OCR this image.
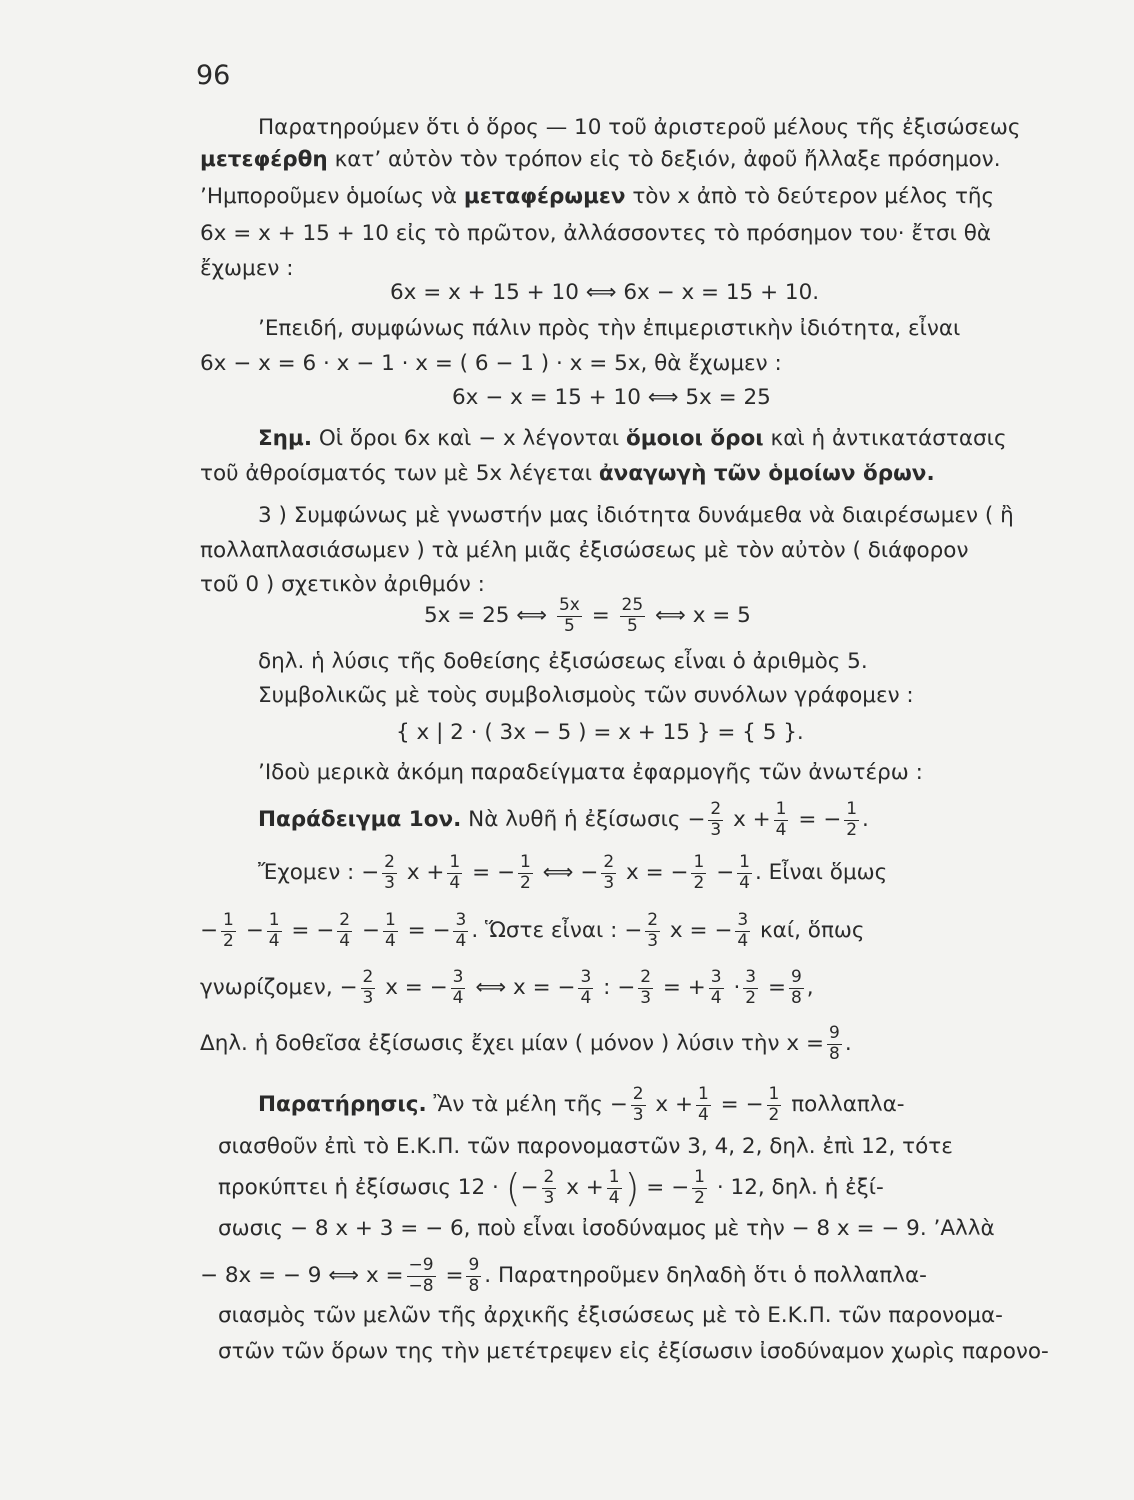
96
Παρατηρούμεν ὅτι ὁ ὅρος — 10 τοῦ ἀριστεροῦ μέλους τῆς ἐξισώσεως
μετεφέρθη κατ’ αὐτὸν τὸν τρόπον εἰς τὸ δεξιόν, ἀφοῦ ἤλλαξε πρόσημον.
’Ημποροῦμεν ὁμοίως νὰ μεταφέρωμεν τὸν x ἀπὸ τὸ δεύτερον μέλος τῆς
6x = x + 15 + 10 εἰς τὸ πρῶτον, ἀλλάσσοντες τὸ πρόσημον του· ἔτσι θὰ
ἔχωμεν :
6x = x + 15 + 10 ⟺ 6x − x = 15 + 10.
’Επειδή, συμφώνως πάλιν πρὸς τὴν ἐπιμεριστικὴν ἰδιότητα, εἶναι
6x − x = 6 · x − 1 · x = ( 6 − 1 ) · x = 5x, θὰ ἔχωμεν :
6x − x = 15 + 10 ⟺ 5x = 25
Σημ. Οἱ ὅροι 6x καὶ − x λέγονται ὅμοιοι ὅροι καὶ ἡ ἀντικατάστασις
τοῦ ἀθροίσματός των μὲ 5x λέγεται ἀναγωγὴ τῶν ὁμοίων ὅρων.
3 ) Συμφώνως μὲ γνωστήν μας ἰδιότητα δυνάμεθα νὰ διαιρέσωμεν ( ἢ
πολλαπλασιάσωμεν ) τὰ μέλη μιᾶς ἐξισώσεως μὲ τὸν αὐτὸν ( διάφορον
τοῦ 0 ) σχετικὸν ἀριθμόν :
5x = 25 ⟺ $\frac{5x}{5} = \frac{25}{5}$ ⟺ x = 5
δηλ. ἡ λύσις τῆς δοθείσης ἐξισώσεως εἶναι ὁ ἀριθμὸς 5.
Συμβολικῶς μὲ τοὺς συμβολισμοὺς τῶν συνόλων γράφομεν :
{ x | 2 · ( 3x − 5 ) = x + 15 } = { 5 }.
’Ιδοὺ μερικὰ ἀκόμη παραδείγματα ἐφαρμογῆς τῶν ἀνωτέρω :
Παράδειγμα 1ον. Νὰ λυθῆ ἡ ἐξίσωσις − $\frac{2}{3}$ $x + \frac{1}{4}$ = − $\frac{1}{2}$ .
Ἔχομεν : − $\frac{2}{3}$ $x + \frac{1}{4}$ = − $\frac{1}{2}$ ⟺ − $\frac{2}{3}$ x = − $\frac{1}{2} - \frac{1}{4}$ . Εἶναι ὅμως
− $\frac{1}{2} - \frac{1}{4}$ = − $\frac{2}{4} - \frac{1}{4}$ = − $\frac{3}{4}$ . Ὥστε εἶναι : − $\frac{2}{3}$ x = − $\frac{3}{4} \kappa\alpha ί$, ὅπως
γνωρίζομεν, − $\frac{2}{3}$ x = − $\frac{3}{4}$ ⟺ x = − $\frac{3}{4}$ : − $\frac{2}{3}$ = + $\frac{3}{4} \cdot \frac{3}{2} = \frac{9}{8}$ ,
Δηλ. ἡ δοθεῖσα ἐξίσωσις ἔχει μίαν ( μόνον ) λύσιν τὴν $x = \frac{9}{8}$ .
Παρατήρησις. Ἂν τὰ μέλη τῆς − $\frac{2}{3}$ $x + \frac{1}{4}$ = − $\frac{1}{2} \pi o\lambda\lambda\alpha\pi\lambda\alpha-$
σιασθοῦν ἐπὶ τὸ Ε.Κ.Π. τῶν παρονομαστῶν 3, 4, 2, δηλ. ἐπὶ 12, τότε
προκύπτει ἡ ἐξίσωσις 12 · (− $\frac{2}{3}$ $x + \frac{1}{4}$ ) = − $\frac{1}{2} \cdot 12$, δηλ. ἡ ἐξί-
σωσις − 8 x + 3 = − 6, ποὺ εἶναι ἰσοδύναμος μὲ τὴν − 8 x = − 9. ’Αλλὰ
− 8x = − 9 ⟺ $x = \frac{-9}{-8} = \frac{9}{8}$ . Παρατηροῦμεν δηλαδὴ ὅτι ὁ πολλαπλα-
σιασμὸς τῶν μελῶν τῆς ἀρχικῆς ἐξισώσεως μὲ τὸ Ε.Κ.Π. τῶν παρονομα-
στῶν τῶν ὅρων της τὴν μετέτρεψεν εἰς ἐξίσωσιν ἰσοδύναμον χωρὶς παρονο-
